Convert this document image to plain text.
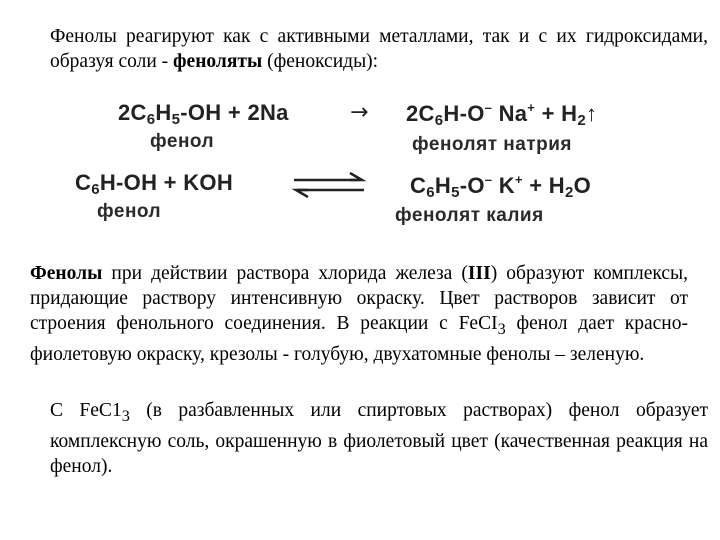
Фенолы реагируют как с активными металлами, так и с их гидроксидами, образуя соли - феноляты (феноксиды):
$2C_6H_5-OH + 2Na$	→ $2C_6H-O^-$ $Na^+ + H_2↑$
фенол	фенолят натрия
$C_6H-OH$ + KOH	$C_6H_5-O^-$ $K^+ + H_2O$
фенол	фенолят калия
Фенолы при действии раствора хлорида железа (III) образуют комплексы, придающие раствору интенсивную окраску. Цвет растворов зависит от строения фенольного соединения. В реакции с FeCI$_3$ фенол дает красно-фиолетовую окраску, крезолы - голубую, двухатомные фенолы – зеленую.
С $FeC1_3$ (в разбавленных или спиртовых растворах) фенол образует комплексную соль, окрашенную в фиолетовый цвет (качественная реакция на фенол).
